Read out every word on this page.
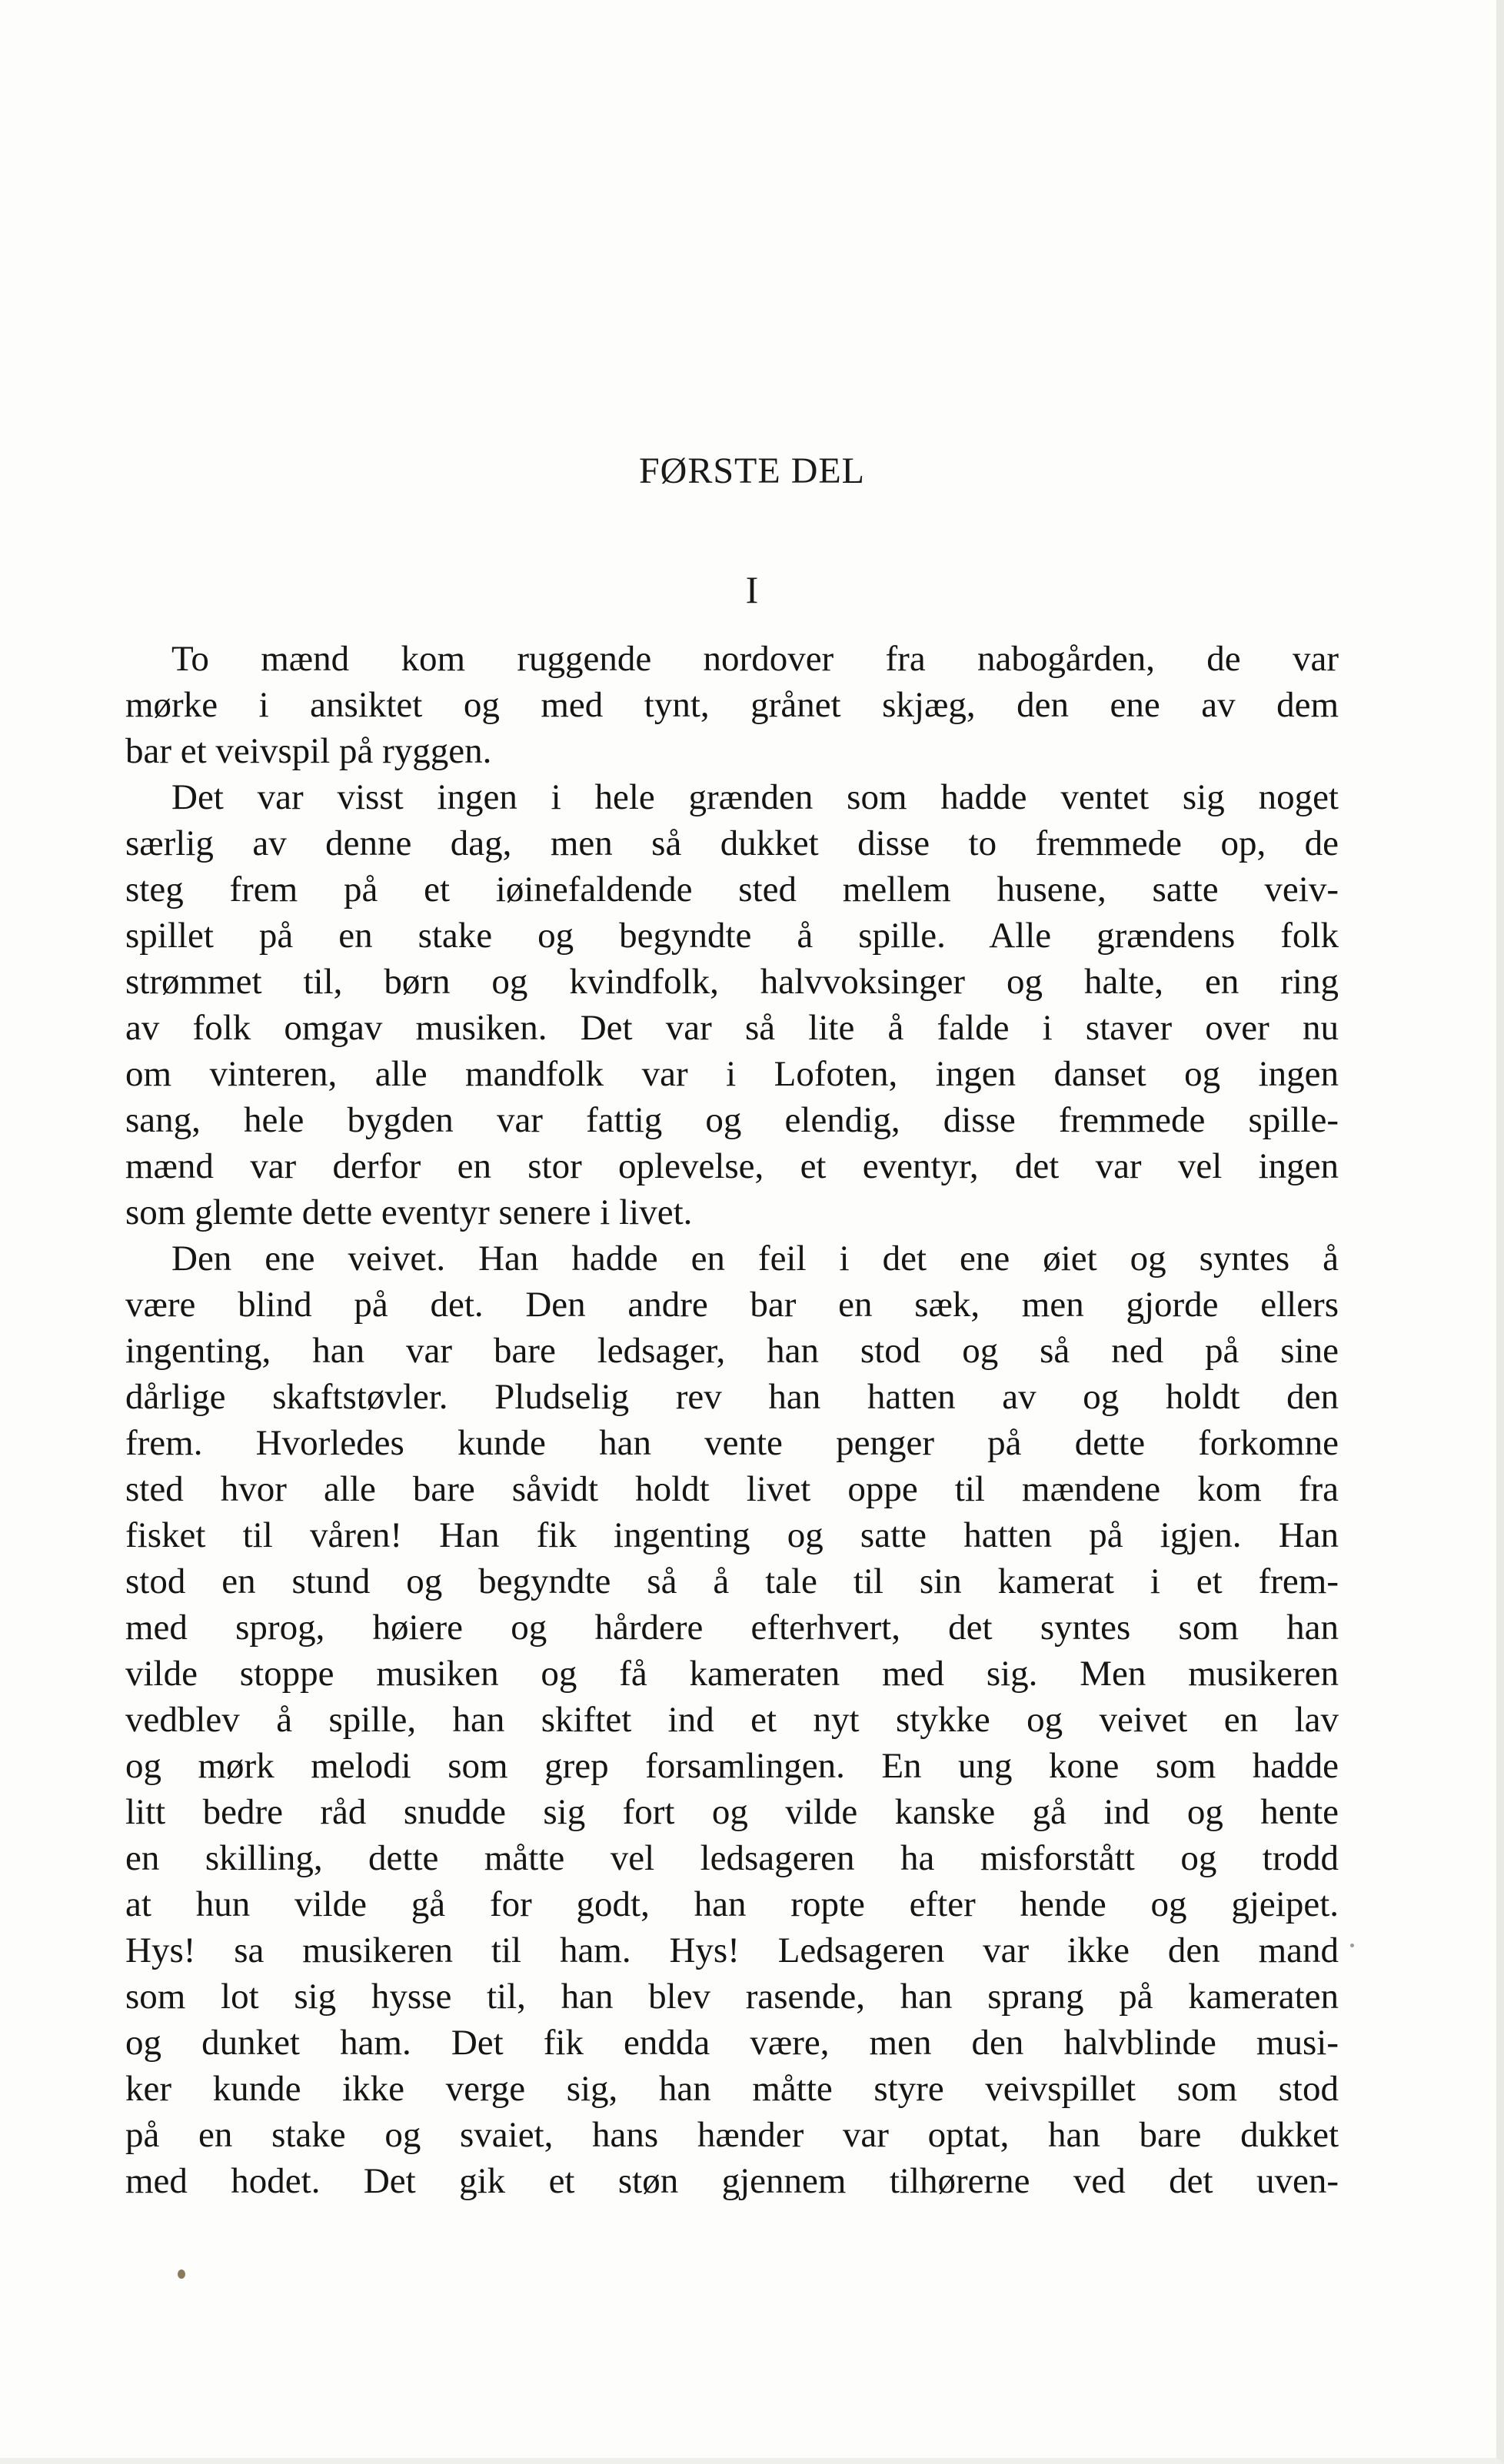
FØRSTE DEL
I
To mænd kom ruggende nordover fra nabogården, de var
mørke i ansiktet og med tynt, grånet skjæg, den ene av dem
bar et veivspil på ryggen.
Det var visst ingen i hele grænden som hadde ventet sig noget
særlig av denne dag, men så dukket disse to fremmede op, de
steg frem på et iøinefaldende sted mellem husene, satte veiv-
spillet på en stake og begyndte å spille. Alle grændens folk
strømmet til, børn og kvindfolk, halvvoksinger og halte, en ring
av folk omgav musiken. Det var så lite å falde i staver over nu
om vinteren, alle mandfolk var i Lofoten, ingen danset og ingen
sang, hele bygden var fattig og elendig, disse fremmede spille-
mænd var derfor en stor oplevelse, et eventyr, det var vel ingen
som glemte dette eventyr senere i livet.
Den ene veivet. Han hadde en feil i det ene øiet og syntes å
være blind på det. Den andre bar en sæk, men gjorde ellers
ingenting, han var bare ledsager, han stod og så ned på sine
dårlige skaftstøvler. Pludselig rev han hatten av og holdt den
frem. Hvorledes kunde han vente penger på dette forkomne
sted hvor alle bare såvidt holdt livet oppe til mændene kom fra
fisket til våren! Han fik ingenting og satte hatten på igjen. Han
stod en stund og begyndte så å tale til sin kamerat i et frem-
med sprog, høiere og hårdere efterhvert, det syntes som han
vilde stoppe musiken og få kameraten med sig. Men musikeren
vedblev å spille, han skiftet ind et nyt stykke og veivet en lav
og mørk melodi som grep forsamlingen. En ung kone som hadde
litt bedre råd snudde sig fort og vilde kanske gå ind og hente
en skilling, dette måtte vel ledsageren ha misforstått og trodd
at hun vilde gå for godt, han ropte efter hende og gjeipet.
Hys! sa musikeren til ham. Hys! Ledsageren var ikke den mand
som lot sig hysse til, han blev rasende, han sprang på kameraten
og dunket ham. Det fik endda være, men den halvblinde musi-
ker kunde ikke verge sig, han måtte styre veivspillet som stod
på en stake og svaiet, hans hænder var optat, han bare dukket
med hodet. Det gik et støn gjennem tilhørerne ved det uven-
